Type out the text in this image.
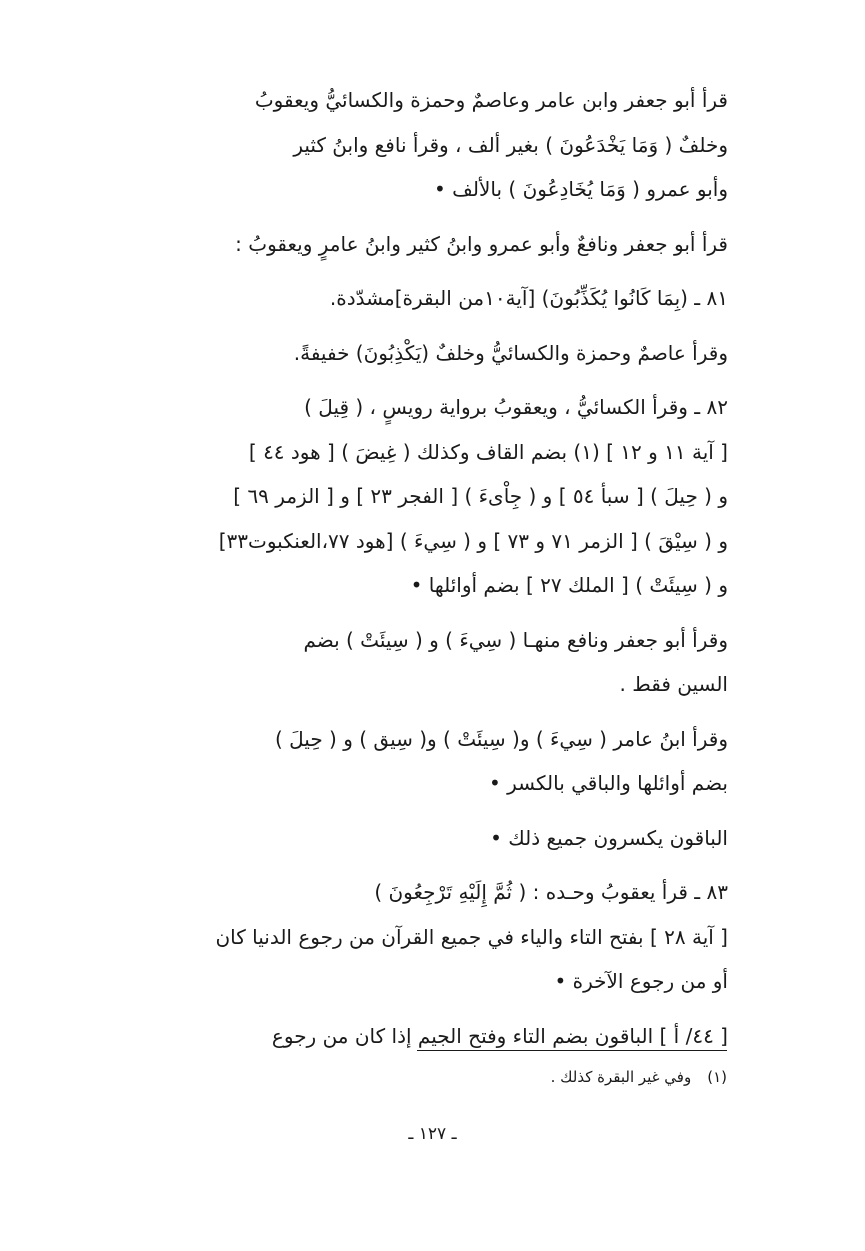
قرأ أبو جعفر وابن عامر وعاصمٌ وحمزة والكسائيُّ ويعقوبُ
وخلفٌ ( وَمَا يَخْدَعُونَ ) بغير ألف ، وقرأ نافع وابنُ كثير
وأبو عمرو ( وَمَا يُخَادِعُونَ ) بالألف •

قرأ أبو جعفر ونافعٌ وأبو عمرو وابنُ كثير وابنُ عامرٍ ويعقوبُ :

٨١ ـ (بِمَا كَانُوا يُكَذِّبُونَ) [آية١٠من البقرة]مشدّدة.

وقرأ عاصمٌ وحمزة والكسائيُّ وخلفٌ (يَكْذِبُونَ) خفيفةً.

٨٢ ـ وقرأ الكسائيُّ ، ويعقوبُ برواية رويسٍ ، ( قِيلَ )
[ آية ١١ و ١٢ ] (١) بضم القاف وكذلك ( غِيضَ ) [ هود ٤٤ ]
و ( حِيلَ ) [ سبأ ٥٤ ] و ( جِاْىءَ ) [ الفجر ٢٣ ] و [ الزمر ٦٩ ]
و ( سِيْقَ ) [ الزمر ٧١ و ٧٣ ] و ( سِيءَ ) [هود ٧٧،العنكبوت٣٣]
و ( سِيئَتْ ) [ الملك ٢٧ ] بضم أوائلها •

وقرأ أبو جعفر ونافع منهـا ( سِيءَ ) و ( سِيئَتْ ) بضم
السين فقط .

وقرأ ابنُ عامر ( سِيءَ ) و( سِيئَتْ ) و( سِيق ) و ( حِيلَ )
بضم أوائلها والباقي بالكسر •

الباقون يكسرون جميع ذلك •

٨٣ ـ قرأ يعقوبُ وحـده : ( ثُمَّ إِلَيْهِ تَرْجِعُونَ )
[ آية ٢٨ ] بفتح التاء والياء في جميع القرآن من رجوع الدنيا كان
أو من رجوع الآخرة •

[ ٤٤/ أ ] الباقون بضم التاء وفتح الجيم إذا كان من رجوع

(١)وفي غير البقرة كذلك .
ـ ١٢٧ ـ
